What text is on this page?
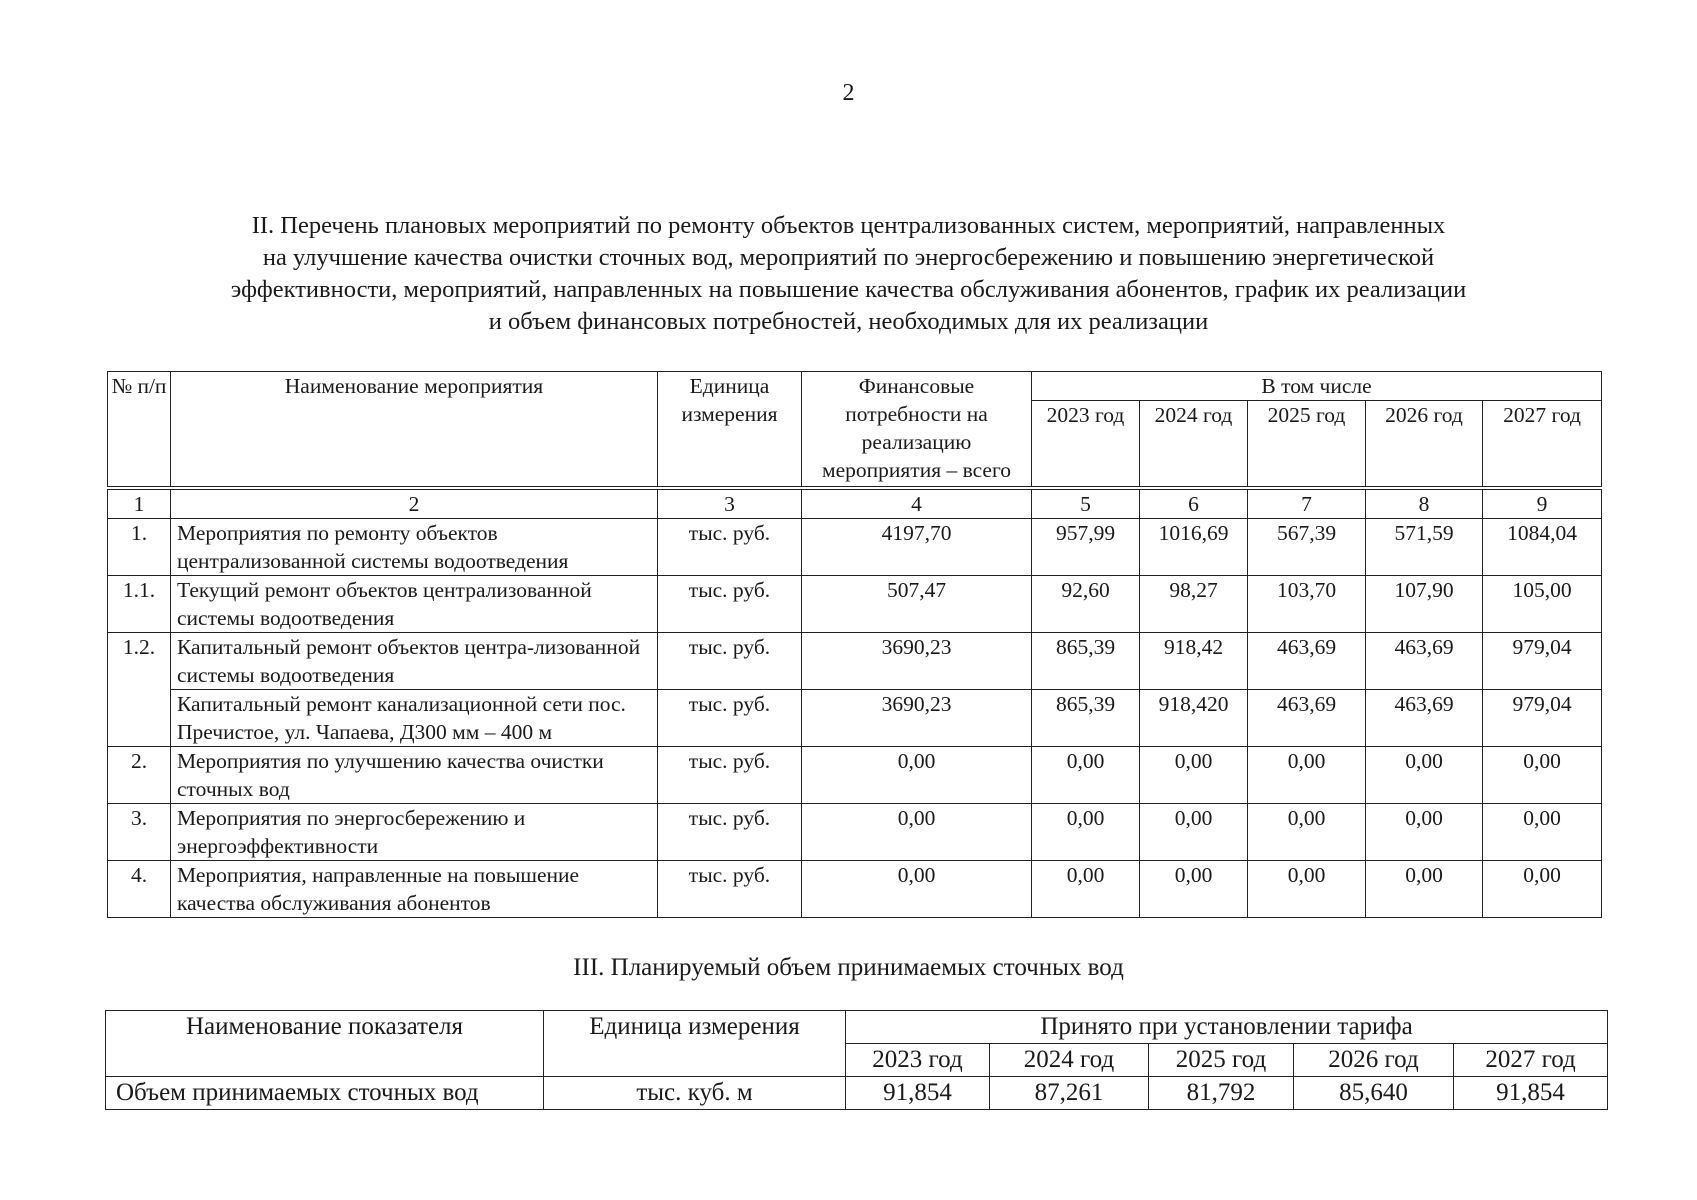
2
II. Перечень плановых мероприятий по ремонту объектов централизованных систем, мероприятий, направленных
на улучшение качества очистки сточных вод, мероприятий по энергосбережению и повышению энергетической
эффективности, мероприятий, направленных на повышение качества обслуживания абонентов, график их реализации
и объем финансовых потребностей, необходимых для их реализации
№ п/п	Наименование мероприятия	Единица измерения	Финансовые потребности на реализацию мероприятия – всего	В том числе				
				2023 год	2024 год	2025 год	2026 год	2027 год
1	2	3	4	5	6	7	8	9
1.	Мероприятия по ремонту объектов централизованной системы водоотведения	тыс. руб.	4197,70	957,99	1016,69	567,39	571,59	1084,04
1.1.	Текущий ремонт объектов централизованной системы водоотведения	тыс. руб.	507,47	92,60	98,27	103,70	107,90	105,00
1.2.	Капитальный ремонт объектов центра-лизованной системы водоотведения	тыс. руб.	3690,23	865,39	918,42	463,69	463,69	979,04
	Капитальный ремонт канализационной сети пос. Пречистое, ул. Чапаева, Д300 мм – 400 м	тыс. руб.	3690,23	865,39	918,420	463,69	463,69	979,04
2.	Мероприятия по улучшению качества очистки сточных вод	тыс. руб.	0,00	0,00	0,00	0,00	0,00	0,00
3.	Мероприятия по энергосбережению и энергоэффективности	тыс. руб.	0,00	0,00	0,00	0,00	0,00	0,00
4.	Мероприятия, направленные на повышение качества обслуживания абонентов	тыс. руб.	0,00	0,00	0,00	0,00	0,00	0,00
III. Планируемый объем принимаемых сточных вод
Наименование показателя	Единица измерения	Принято при установлении тарифа				
		2023 год	2024 год	2025 год	2026 год	2027 год
Объем принимаемых сточных вод	тыс. куб. м	91,854	87,261	81,792	85,640	91,854
